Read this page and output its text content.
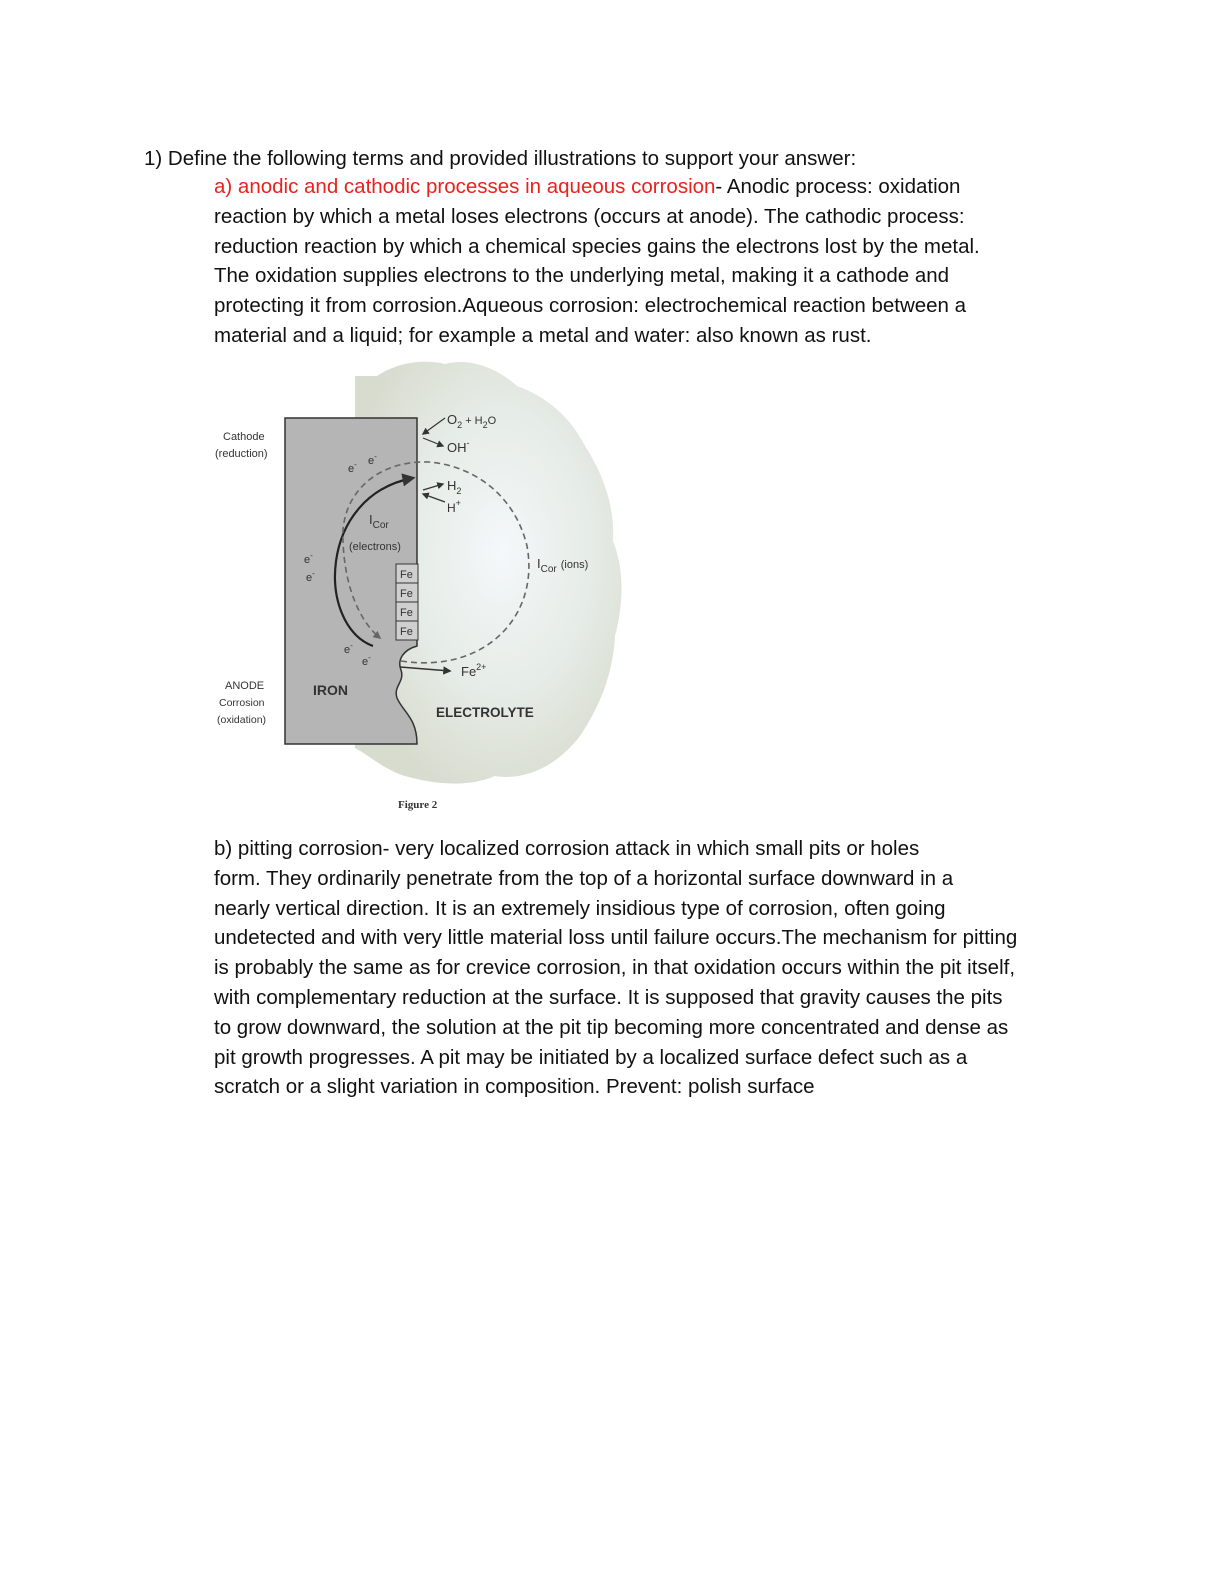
1) Define the following terms and provided illustrations to support your answer:
a) anodic and cathodic processes in aqueous corrosion- Anodic process: oxidation
reaction by which a metal loses electrons (occurs at anode). The cathodic process:
reduction reaction by which a chemical species gains the electrons lost by the metal.
The oxidation supplies electrons to the underlying metal, making it a cathode and
protecting it from corrosion.Aqueous corrosion: electrochemical reaction between a
material and a liquid; for example a metal and water: also known as rust.
Fe
Fe
Fe
Fe
Cathode
(reduction)
ANODE
Corrosion
(oxidation)
IRON
ELECTROLYTE
$I_{Cor}$
(electrons)
$I_{Cor}$ $^{(ions)}$
$O_2$ $^{+ H}_2^O$
OH-
$H_2$
H+
$Fe^{2+}$
e- e-
e-
e-
e-
e-
Figure 2
b) pitting corrosion- very localized corrosion attack in which small pits or holes
form. They ordinarily penetrate from the top of a horizontal surface downward in a
nearly vertical direction. It is an extremely insidious type of corrosion, often going
undetected and with very little material loss until failure occurs.The mechanism for pitting
is probably the same as for crevice corrosion, in that oxidation occurs within the pit itself,
with complementary reduction at the surface. It is supposed that gravity causes the pits
to grow downward, the solution at the pit tip becoming more concentrated and dense as
pit growth progresses. A pit may be initiated by a localized surface defect such as a
scratch or a slight variation in composition. Prevent: polish surface
